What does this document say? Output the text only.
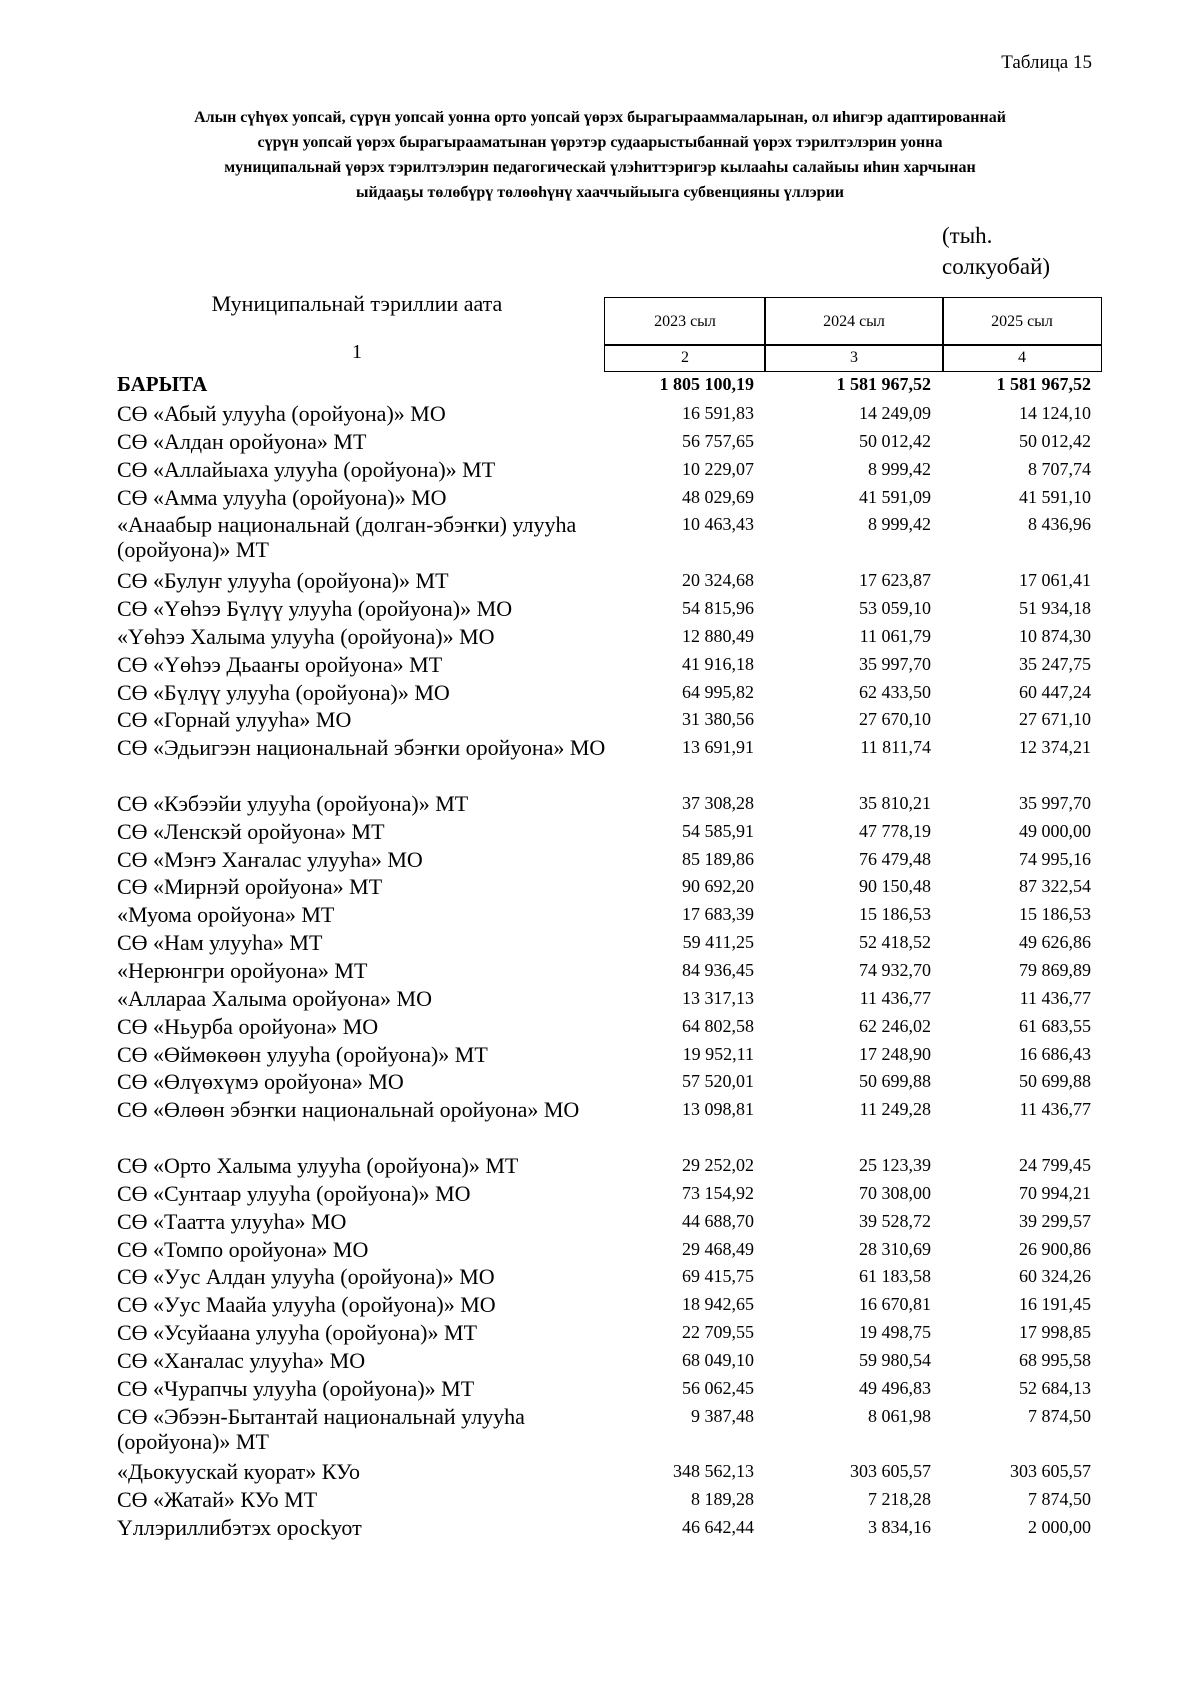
Таблица 15
Алын сүһүөх уопсай, сүрүн уопсай уонна орто уопсай үөрэх бырагырааммаларынан, ол иһигэр адаптированнай
сүрүн уопсай үөрэх бырагырааматынан үөрэтэр судаарыстыбаннай үөрэх тэрилтэлэрин уонна
муниципальнай үөрэх тэрилтэлэрин педагогическай үлэһиттэригэр кылааһы салайыы иһин харчынан
ыйдааҕы төлөбүрү төлөөһүнү хааччыйыыга субвенцияны үллэрии
(тыһ.
солкуобай)
Муниципальнай тэриллии аата
1
2023 сыл	2024 сыл	2025 сыл
2	3	4
БАРЫТА	1 805 100,19	1 581 967,52	1 581 967,52
СӨ «Абый улууһа (оройуона)» МО	16 591,83	14 249,09	14 124,10
СӨ «Алдан оройуона» МТ	56 757,65	50 012,42	50 012,42
СӨ «Аллайыаха улууһа (оройуона)» МТ	10 229,07	8 999,42	8 707,74
СӨ «Амма улууһа (оройуона)» МО	48 029,69	41 591,09	41 591,10
«Анаабыр национальнай (долган-эбэҥки) улууһа (оройуона)» МТ
10 463,43	8 999,42	8 436,96
СӨ «Булуҥ улууһа (оройуона)» МТ	20 324,68	17 623,87	17 061,41
СӨ «Үөһээ Бүлүү улууһа (оройуона)» МО	54 815,96	53 059,10	51 934,18
«Үөһээ Халыма улууһа (оройуона)» МО	12 880,49	11 061,79	10 874,30
СӨ «Үөһээ Дьааҥы оройуона» МТ	41 916,18	35 997,70	35 247,75
СӨ «Бүлүү улууһа (оройуона)» МО	64 995,82	62 433,50	60 447,24
СӨ «Горнай улууһа» МО	31 380,56	27 670,10	27 671,10
СӨ «Эдьигээн национальнай эбэҥки оройуона» МО	13 691,91	11 811,74	12 374,21
СӨ «Кэбээйи улууһа (оройуона)» МТ	37 308,28	35 810,21	35 997,70
СӨ «Ленскэй оройуона» МТ	54 585,91	47 778,19	49 000,00
СӨ «Мэҥэ Хаҥалас улууһа» МО	85 189,86	76 479,48	74 995,16
СӨ «Мирнэй оройуона» МТ	90 692,20	90 150,48	87 322,54
«Муома оройуона» МТ	17 683,39	15 186,53	15 186,53
СӨ «Нам улууһа» МТ	59 411,25	52 418,52	49 626,86
«Нерюнгри оройуона» МТ	84 936,45	74 932,70	79 869,89
«Аллараа Халыма оройуона» МО	13 317,13	11 436,77	11 436,77
СӨ «Ньурба оройуона» МО	64 802,58	62 246,02	61 683,55
СӨ «Өймөкөөн улууһа (оройуона)» МТ	19 952,11	17 248,90	16 686,43
СӨ «Өлүөхүмэ оройуона» МО	57 520,01	50 699,88	50 699,88
СӨ «Өлөөн эбэҥки национальнай оройуона» МО	13 098,81	11 249,28	11 436,77
СӨ «Орто Халыма улууһа (оройуона)» МТ	29 252,02	25 123,39	24 799,45
СӨ «Сунтаар улууһа (оройуона)» МО	73 154,92	70 308,00	70 994,21
СӨ «Таатта улууһа» МО	44 688,70	39 528,72	39 299,57
СӨ «Томпо оройуона» МО	29 468,49	28 310,69	26 900,86
СӨ «Уус Алдан улууһа (оройуона)» МО	69 415,75	61 183,58	60 324,26
СӨ «Уус Маайа улууһа (оройуона)» МО	18 942,65	16 670,81	16 191,45
СӨ «Усуйаана улууһа (оройуона)» МТ	22 709,55	19 498,75	17 998,85
СӨ «Хаҥалас улууһа» МО	68 049,10	59 980,54	68 995,58
СӨ «Чурапчы улууһа (оройуона)» МТ	56 062,45	49 496,83	52 684,13
СӨ «Эбээн-Бытантай национальнай улууһа (оройуона)» МТ
9 387,48	8 061,98	7 874,50
«Дьокуускай куорат» КУо	348 562,13	303 605,57	303 605,57
СӨ «Жатай» КУо МТ	8 189,28	7 218,28	7 874,50
Үллэриллибэтэх оросkуот	46 642,44	3 834,16	2 000,00
